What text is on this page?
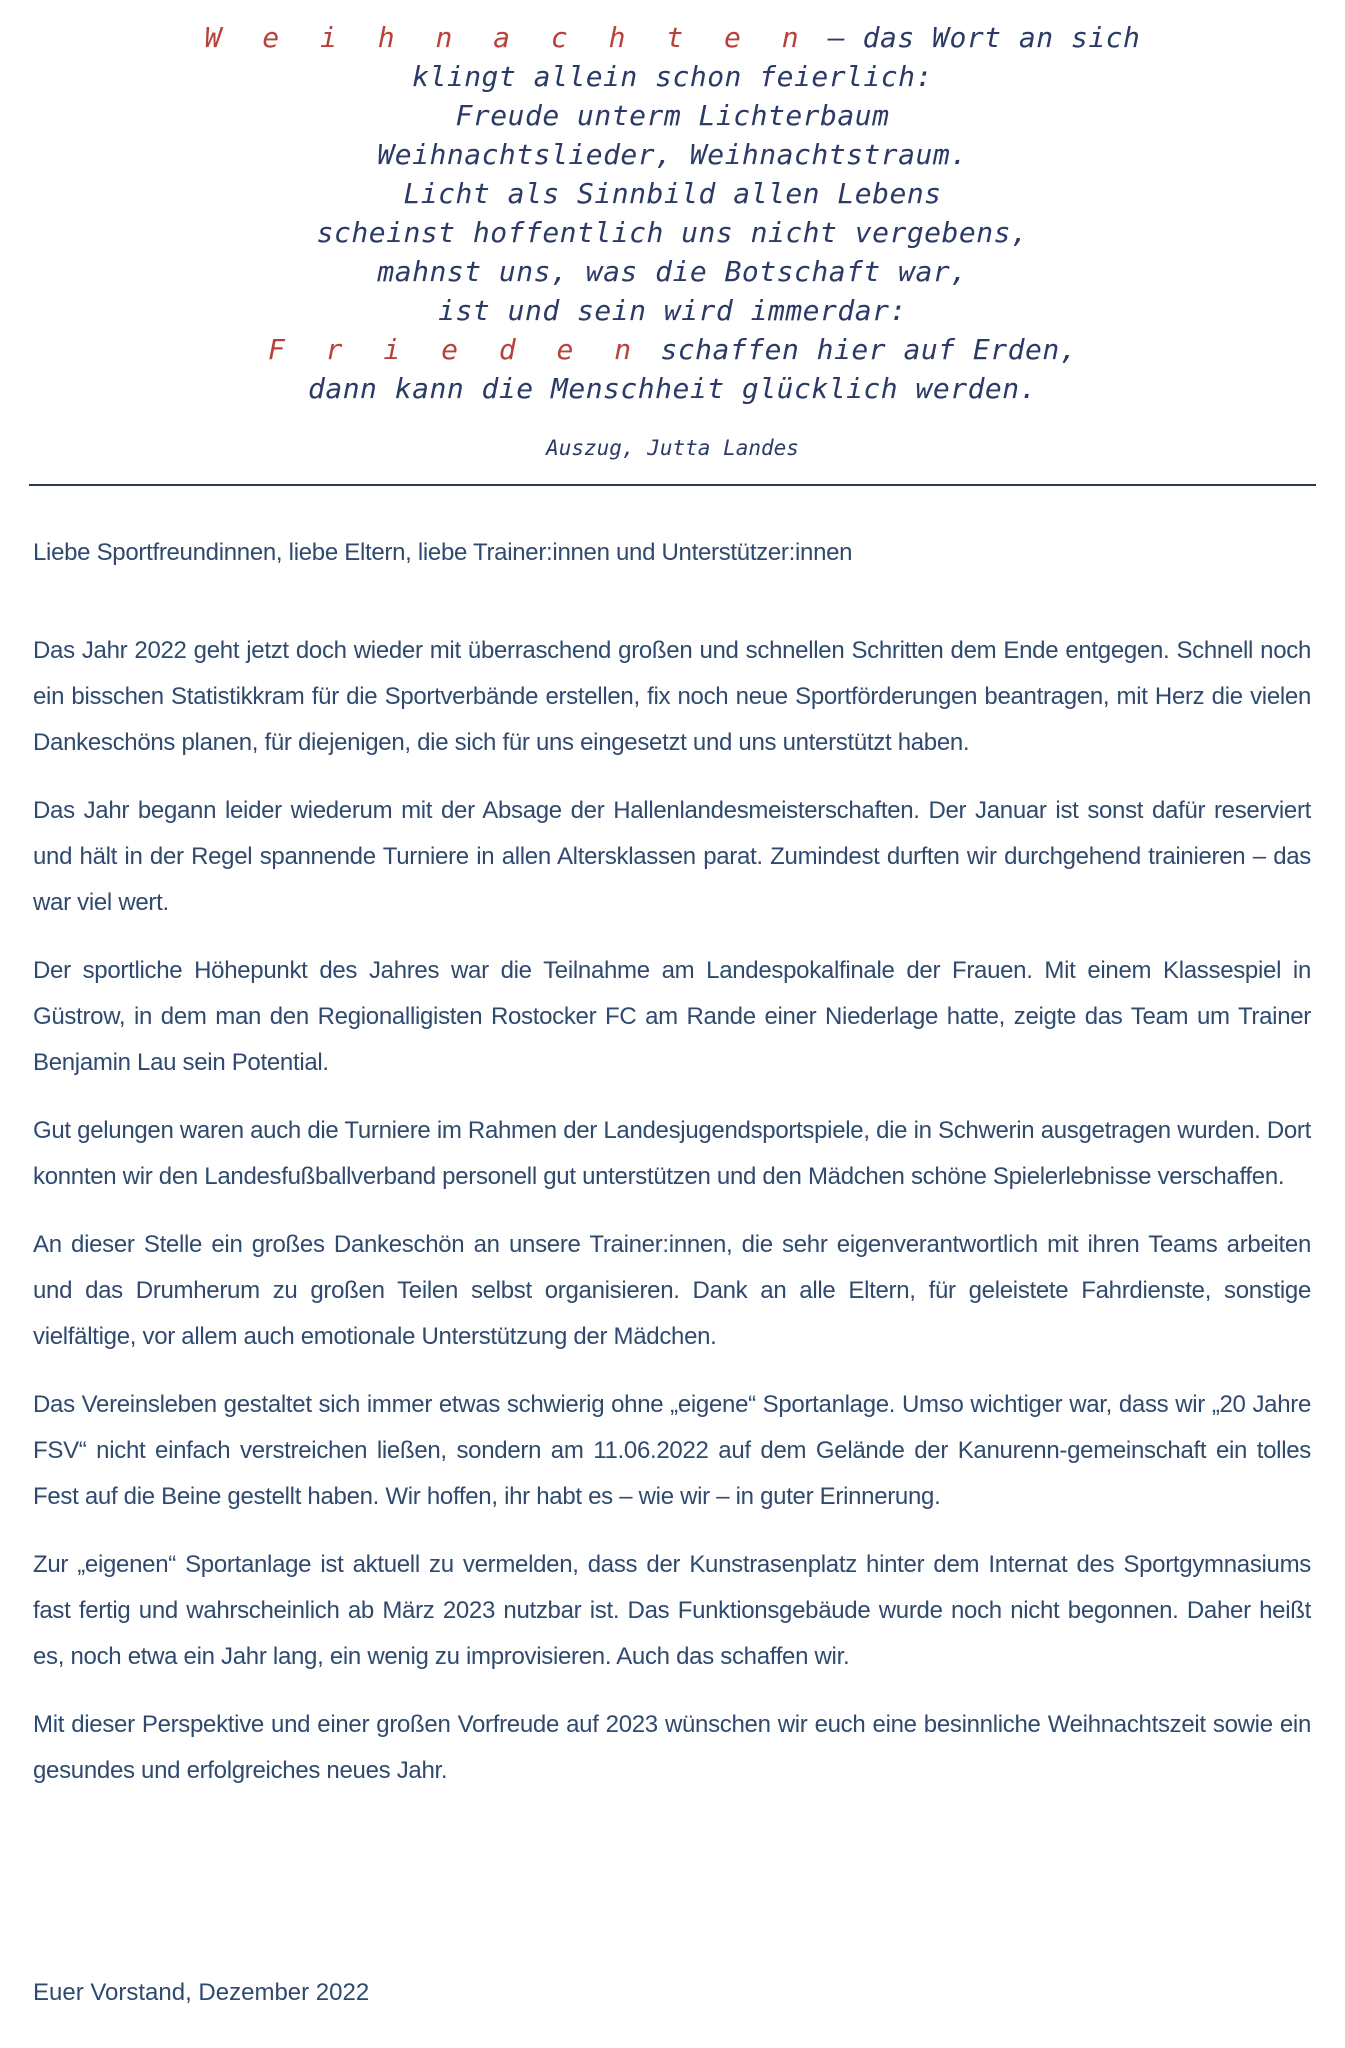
W e i h n a c h t e n – das Wort an sich
klingt allein schon feierlich:
Freude unterm Lichterbaum
Weihnachtslieder, Weihnachtstraum.
Licht als Sinnbild allen Lebens
scheinst hoffentlich uns nicht vergebens,
mahnst uns, was die Botschaft war,
ist und sein wird immerdar:
F r i e d e n schaffen hier auf Erden,
dann kann die Menschheit glücklich werden.
Auszug, Jutta Landes

Liebe Sportfreundinnen, liebe Eltern, liebe Trainer:innen und Unterstützer:innen

Das Jahr 2022 geht jetzt doch wieder mit überraschend großen und schnellen Schritten dem Ende entgegen. Schnell noch ein bisschen Statistikkram für die Sportverbände erstellen, fix noch neue Sportförderungen beantragen, mit Herz die vielen Dankeschöns planen, für diejenigen, die sich für uns eingesetzt und uns unterstützt haben.

Das Jahr begann leider wiederum mit der Absage der Hallenlandesmeisterschaften. Der Januar ist sonst dafür reserviert und hält in der Regel spannende Turniere in allen Altersklassen parat. Zumindest durften wir durchgehend trainieren – das war viel wert.

Der sportliche Höhepunkt des Jahres war die Teilnahme am Landespokalfinale der Frauen. Mit einem Klassespiel in Güstrow, in dem man den Regionalligisten Rostocker FC am Rande einer Niederlage hatte, zeigte das Team um Trainer Benjamin Lau sein Potential.

Gut gelungen waren auch die Turniere im Rahmen der Landesjugendsportspiele, die in Schwerin ausgetragen wurden. Dort konnten wir den Landesfußballverband personell gut unterstützen und den Mädchen schöne Spielerlebnisse verschaffen.

An dieser Stelle ein großes Dankeschön an unsere Trainer:innen, die sehr eigenverantwortlich mit ihren Teams arbeiten und das Drumherum zu großen Teilen selbst organisieren. Dank an alle Eltern, für geleistete Fahrdienste, sonstige vielfältige, vor allem auch emotionale Unterstützung der Mädchen.

Das Vereinsleben gestaltet sich immer etwas schwierig ohne „eigene“ Sportanlage. Umso wichtiger war, dass wir „20 Jahre FSV“ nicht einfach verstreichen ließen, sondern am 11.06.2022 auf dem Gelände der Kanurenn-gemeinschaft ein tolles Fest auf die Beine gestellt haben. Wir hoffen, ihr habt es – wie wir – in guter Erinnerung.

Zur „eigenen“ Sportanlage ist aktuell zu vermelden, dass der Kunstrasenplatz hinter dem Internat des Sportgymnasiums fast fertig und wahrscheinlich ab März 2023 nutzbar ist. Das Funktionsgebäude wurde noch nicht begonnen. Daher heißt es, noch etwa ein Jahr lang, ein wenig zu improvisieren. Auch das schaffen wir.

Mit dieser Perspektive und einer großen Vorfreude auf 2023 wünschen wir euch eine besinnliche Weihnachtszeit sowie ein gesundes und erfolgreiches neues Jahr.

Euer Vorstand, Dezember 2022
